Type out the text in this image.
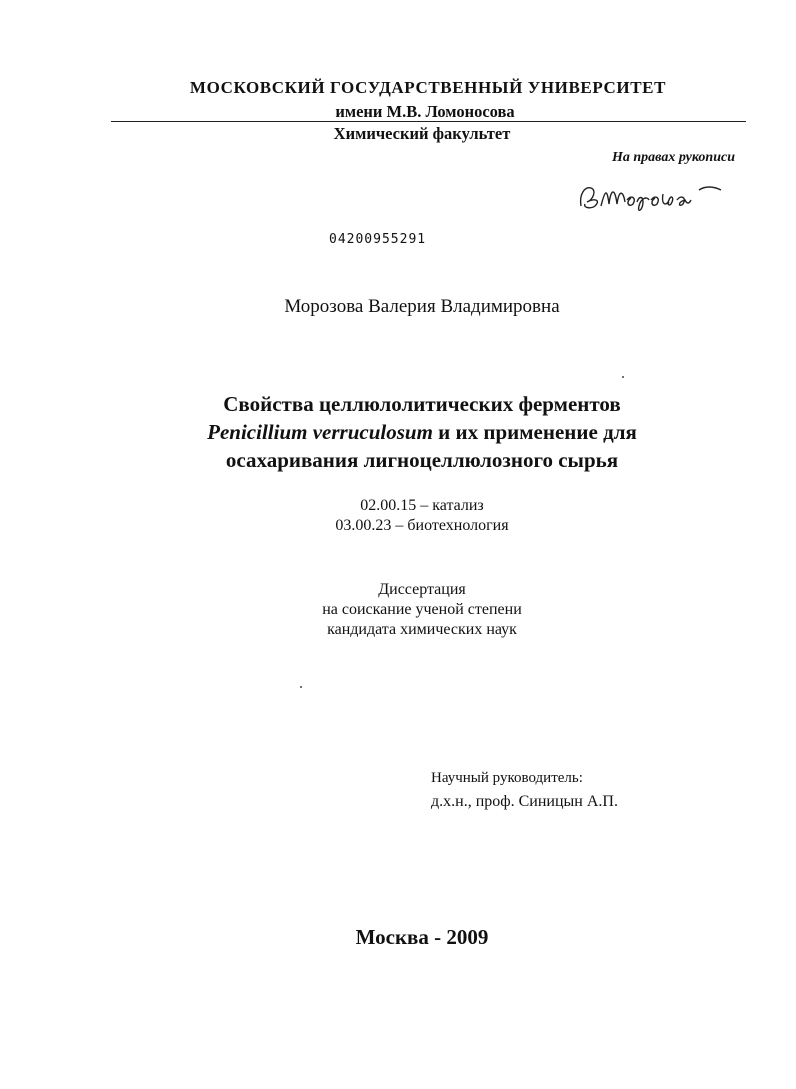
МОСКОВСКИЙ ГОСУДАРСТВЕННЫЙ УНИВЕРСИТЕТ
имени М.В. Ломоносова
Химический факультет
На правах рукописи
04200955291
Морозова Валерия Владимировна
Свойства целлюлолитических ферментов
Penicillium verruculosum и их применение для
осахаривания лигноцеллюлозного сырья
02.00.15 – катализ
03.00.23 – биотехнология
Диссертация
на соискание ученой степени
кандидата химических наук
Научный руководитель:
д.х.н., проф. Синицын А.П.
Москва - 2009
